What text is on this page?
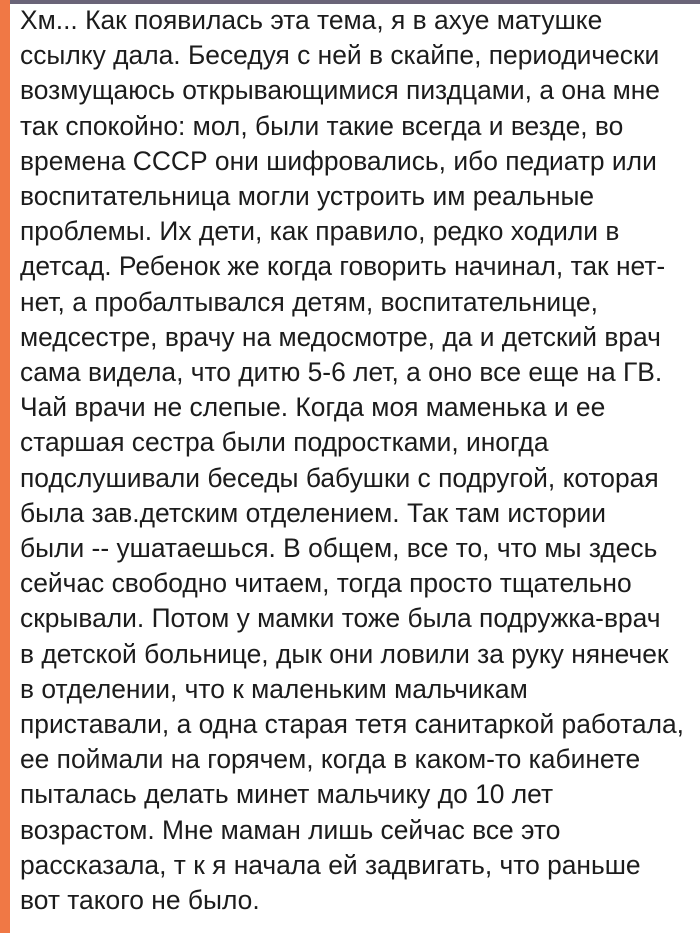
Хм... Как появилась эта тема, я в ахуе матушке

ссылку дала. Беседуя с ней в скайпе, периодически

возмущаюсь открывающимися пиздцами, а она мне

так спокойно: мол, были такие всегда и везде, во

времена СССР они шифровались, ибо педиатр или

воспитательница могли устроить им реальные

проблемы. Их дети, как правило, редко ходили в

детсад. Ребенок же когда говорить начинал, так нет-

нет, а пробалтывался детям, воспитательнице,

медсестре, врачу на медосмотре, да и детский врач

сама видела, что дитю 5-6 лет, а оно все еще на ГВ.

Чай врачи не слепые. Когда моя маменька и ее

старшая сестра были подростками, иногда

подслушивали беседы бабушки с подругой, которая

была зав.детским отделением. Так там истории

были -- ушатаешься. В общем, все то, что мы здесь

сейчас свободно читаем, тогда просто тщательно

скрывали. Потом у мамки тоже была подружка-врач

в детской больнице, дык они ловили за руку нянечек

в отделении, что к маленьким мальчикам

приставали, а одна старая тетя санитаркой работала,

ее поймали на горячем, когда в каком-то кабинете

пыталась делать минет мальчику до 10 лет

возрастом. Мне маман лишь сейчас все это

рассказала, т к я начала ей задвигать, что раньше

вот такого не было.
